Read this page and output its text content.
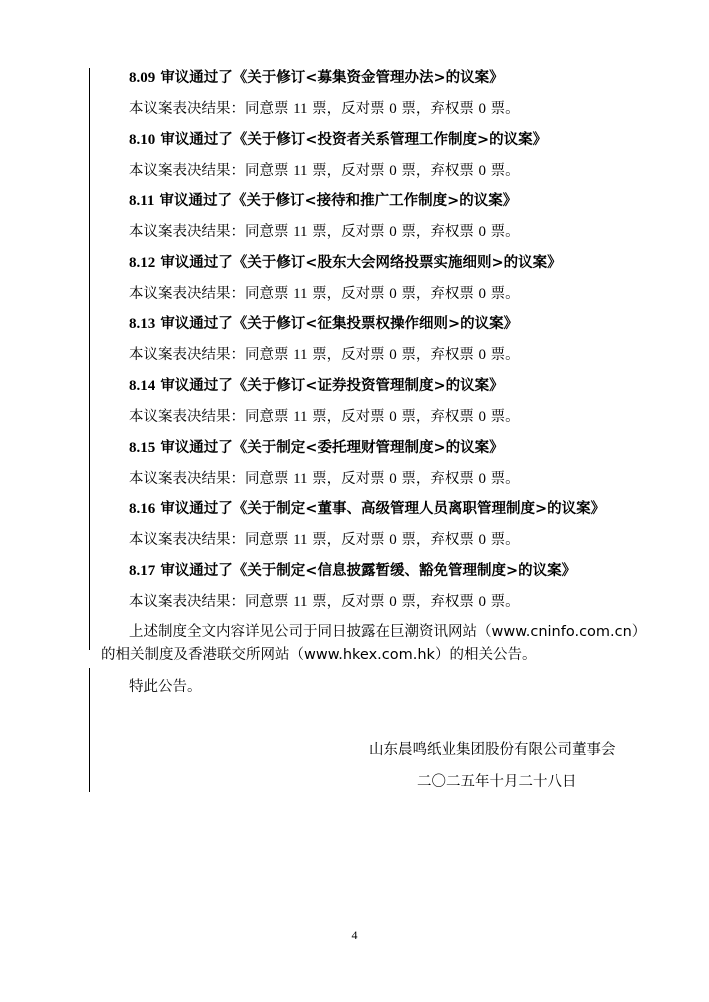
8.09 审议通过了《关于修订<募集资金管理办法>的议案》
本议案表决结果：同意票 11 票，反对票 0 票，弃权票 0 票。
8.10 审议通过了《关于修订<投资者关系管理工作制度>的议案》
本议案表决结果：同意票 11 票，反对票 0 票，弃权票 0 票。
8.11 审议通过了《关于修订<接待和推广工作制度>的议案》
本议案表决结果：同意票 11 票，反对票 0 票，弃权票 0 票。
8.12 审议通过了《关于修订<股东大会网络投票实施细则>的议案》
本议案表决结果：同意票 11 票，反对票 0 票，弃权票 0 票。
8.13 审议通过了《关于修订<征集投票权操作细则>的议案》
本议案表决结果：同意票 11 票，反对票 0 票，弃权票 0 票。
8.14 审议通过了《关于修订<证券投资管理制度>的议案》
本议案表决结果：同意票 11 票，反对票 0 票，弃权票 0 票。
8.15 审议通过了《关于制定<委托理财管理制度>的议案》
本议案表决结果：同意票 11 票，反对票 0 票，弃权票 0 票。
8.16 审议通过了《关于制定<董事、高级管理人员离职管理制度>的议案》
本议案表决结果：同意票 11 票，反对票 0 票，弃权票 0 票。
8.17 审议通过了《关于制定<信息披露暂缓、豁免管理制度>的议案》
本议案表决结果：同意票 11 票，反对票 0 票，弃权票 0 票。
上述制度全文内容详见公司于同日披露在巨潮资讯网站（www.cninfo.com.cn）
的相关制度及香港联交所网站（www.hkex.com.hk）的相关公告。
特此公告。
山东晨鸣纸业集团股份有限公司董事会
二〇二五年十月二十八日
4
